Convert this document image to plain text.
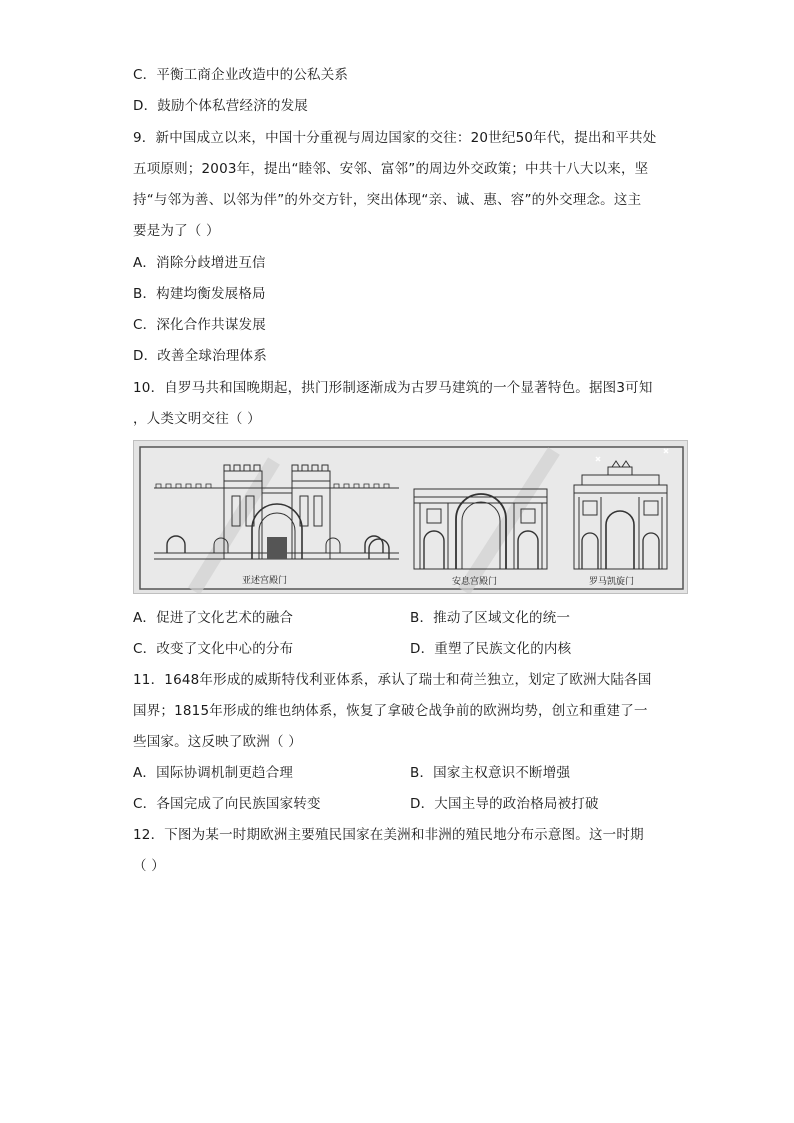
C．平衡工商企业改造中的公私关系
D．鼓励个体私营经济的发展
9．新中国成立以来，中国十分重视与周边国家的交往：20世纪50年代，提出和平共处
五项原则；2003年，提出“睦邻、安邻、富邻”的周边外交政策；中共十八大以来，坚
持“与邻为善、以邻为伴”的外交方针，突出体现“亲、诚、惠、容”的外交理念。这主
要是为了（ ）
A．消除分歧增进互信
B．构建均衡发展格局
C．深化合作共谋发展
D．改善全球治理体系
10．自罗马共和国晚期起，拱门形制逐渐成为古罗马建筑的一个显著特色。据图3可知
，人类文明交往（ ）
亚述宫殿门	安息宫殿门	罗马凯旋门
A．促进了文化艺术的融合	B．推动了区域文化的统一
C．改变了文化中心的分布	D．重塑了民族文化的内核
11．1648年形成的威斯特伐利亚体系，承认了瑞士和荷兰独立，划定了欧洲大陆各国
国界；1815年形成的维也纳体系，恢复了拿破仑战争前的欧洲均势，创立和重建了一
些国家。这反映了欧洲（ ）
A．国际协调机制更趋合理	B．国家主权意识不断增强
C．各国完成了向民族国家转变	D．大国主导的政治格局被打破
12．下图为某一时期欧洲主要殖民国家在美洲和非洲的殖民地分布示意图。这一时期
（ ）
